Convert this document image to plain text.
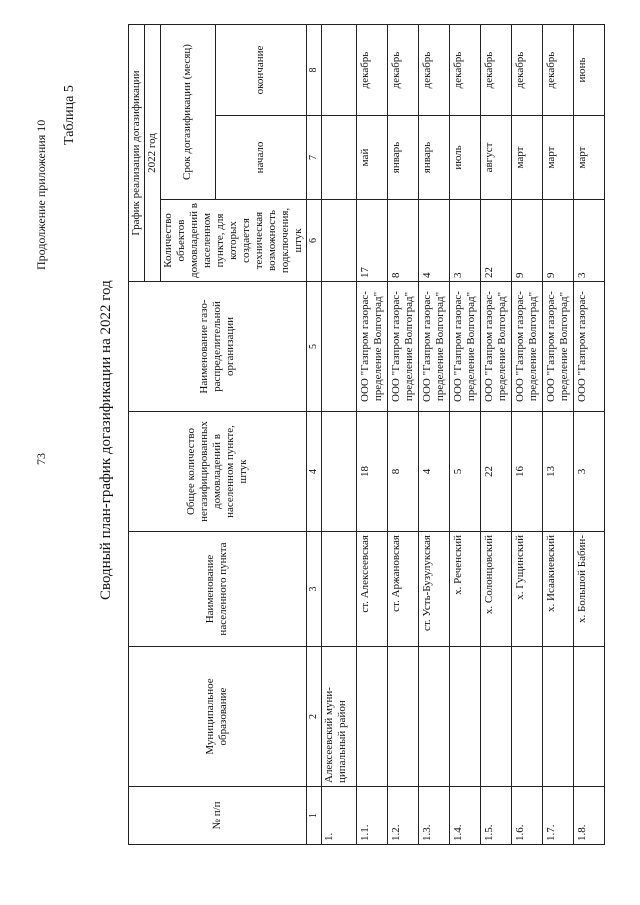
73
Продолжение приложения 10
Таблица 5
Сводный план-график догазификации на 2022 год
№ п/п	Муниципальное образование	Наименование населенного пункта	Общее количество негазифицированных домовладений в населенном пункте, штук	Наименование газо-распределительной организации	График реализации догазификации		
					2022 год		
					Количество объектов домовладений в населенном пункте, для которых создается техническая возможность подключения, штук	Срок догазификации (месяц)	
						начало	окончание
1	2	3	4	5	6	7	8
1.	Алексеевский муни-ципальный район						
1.1.		ст. Алексеевская	18	ООО "Газпром газорас-пределение Волгоград"	17	май	декабрь
1.2.		ст. Аржановская	8	ООО "Газпром газорас-пределение Волгоград"	8	январь	декабрь
1.3.		ст. Усть-Бузулукская	4	ООО "Газпром газорас-пределение Волгоград"	4	январь	декабрь
1.4.		х. Реченский	5	ООО "Газпром газорас-пределение Волгоград"	3	июль	декабрь
1.5.		х. Солонцовский	22	ООО "Газпром газорас-пределение Волгоград"	22	август	декабрь
1.6.		х. Гущинский	16	ООО "Газпром газорас-пределение Волгоград"	9	март	декабрь
1.7.		х. Исаакиевский	13	ООО "Газпром газорас-пределение Волгоград"	9	март	декабрь
1.8.		х. Большой Бабин-	3	ООО "Газпром газорас-	3	март	июнь
